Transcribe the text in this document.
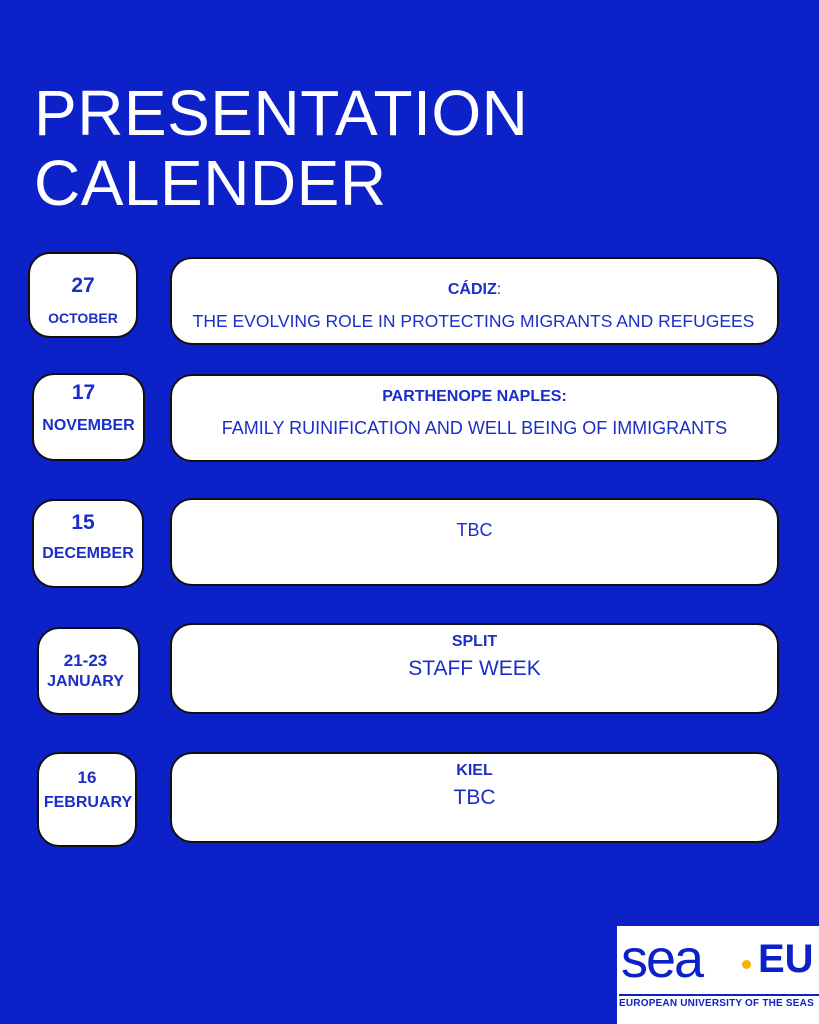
PRESENTATION
CALENDER
27
OCTOBER
CÁDIZ:
THE EVOLVING ROLE IN PROTECTING MIGRANTS AND REFUGEES
17
NOVEMBER
PARTHENOPE NAPLES:
FAMILY RUINIFICATION AND WELL BEING OF IMMIGRANTS
15
DECEMBER
TBC
21-23
JANUARY
SPLIT
STAFF WEEK
16
FEBRUARY
KIEL
TBC
sea EU
EUROPEAN UNIVERSITY OF THE SEAS
